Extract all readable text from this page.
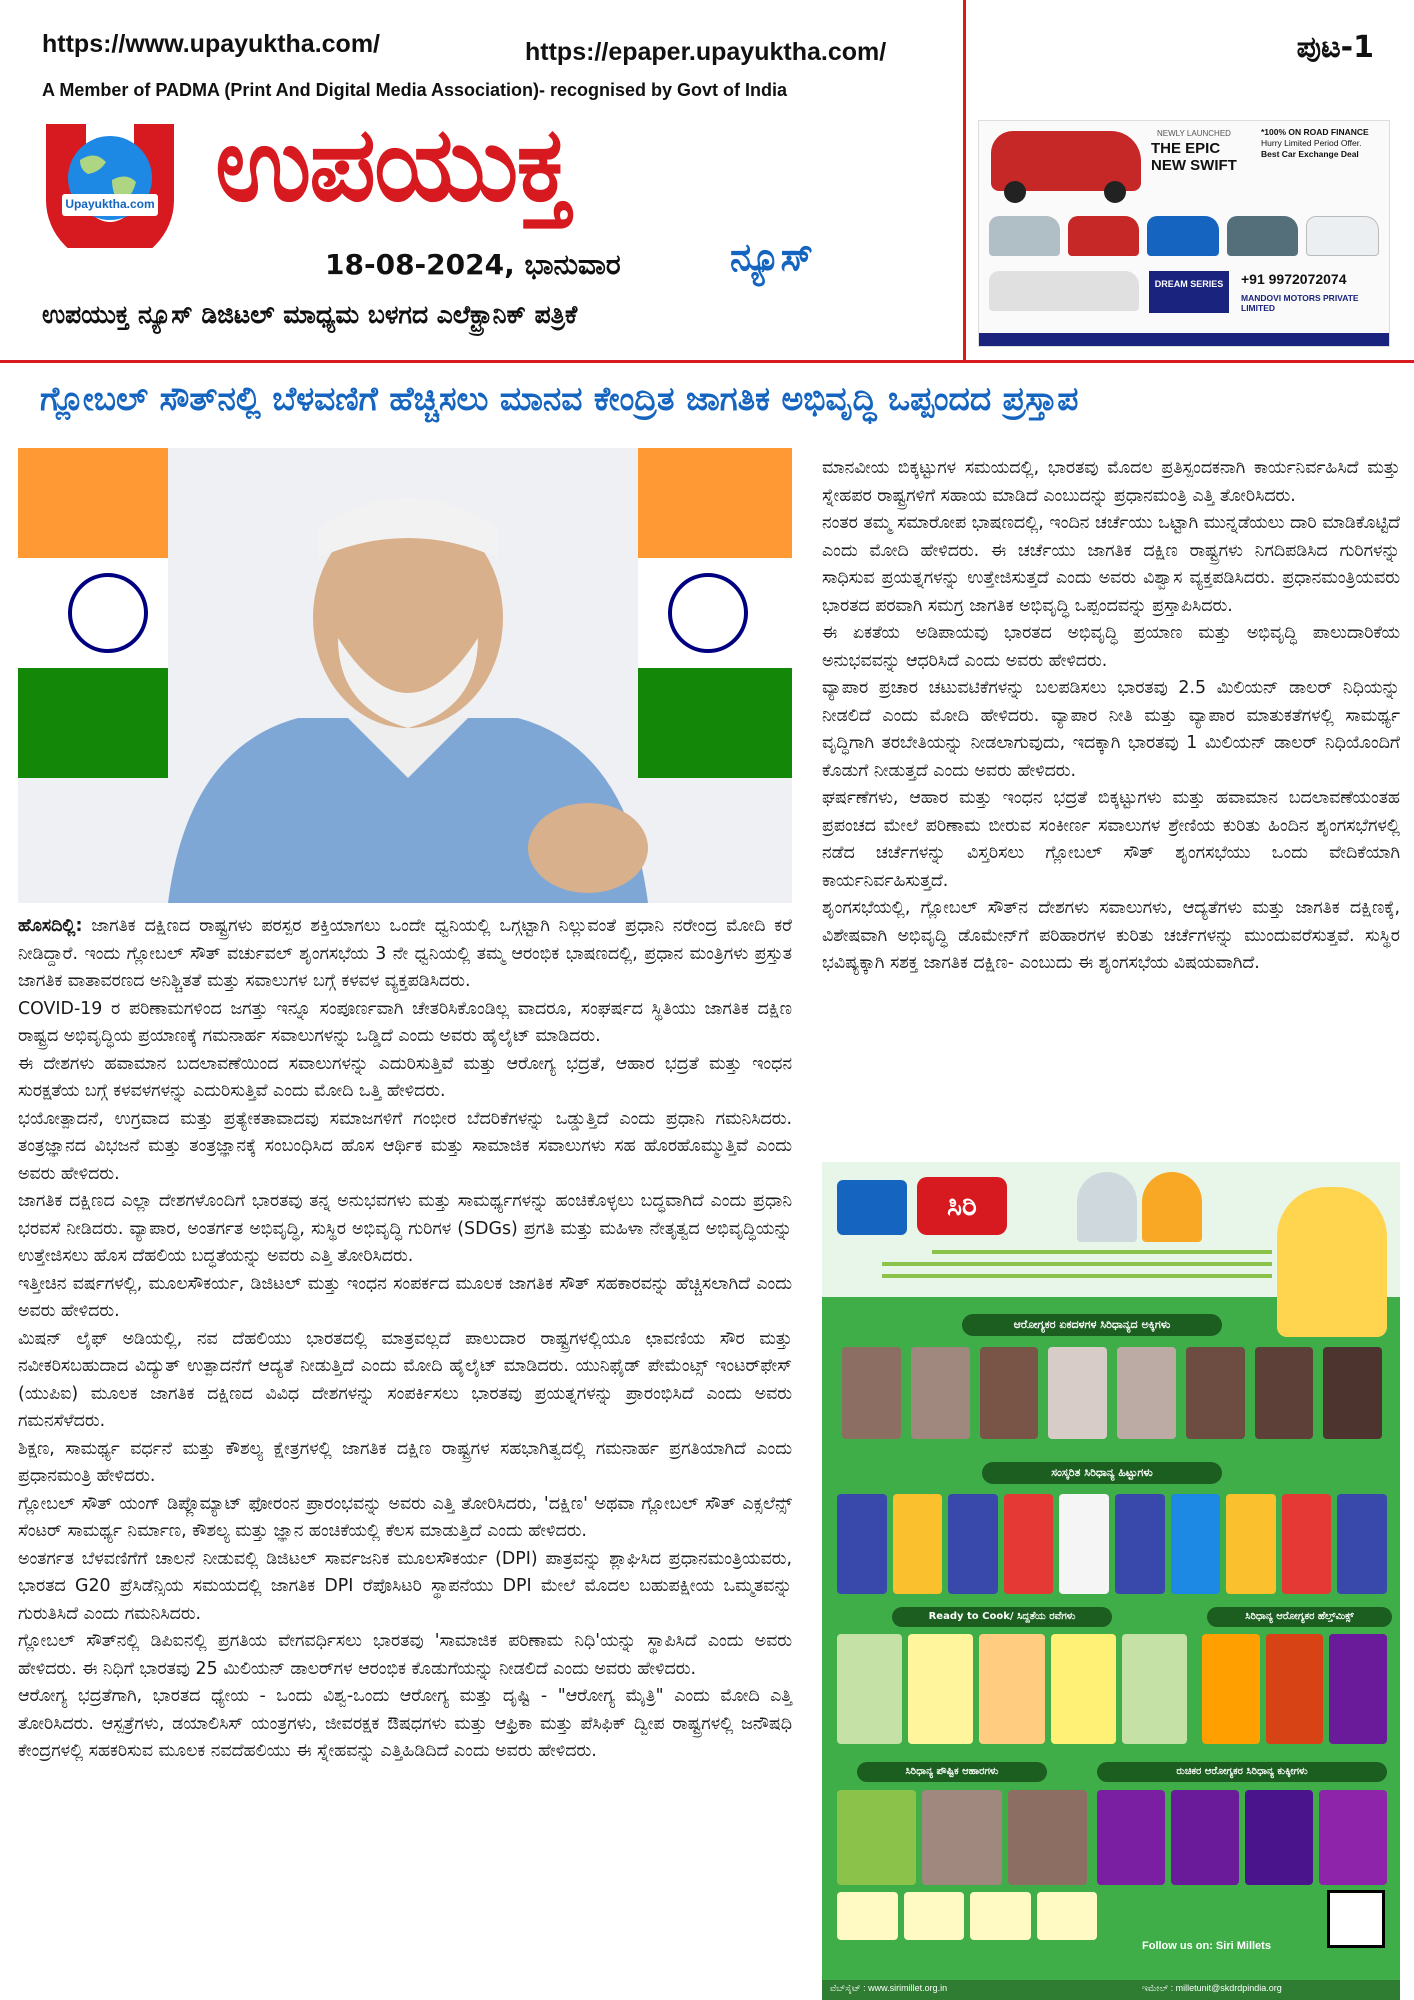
https://www.upayuktha.com/	https://epaper.upayuktha.com/	ಪುಟ-1
A Member of PADMA (Print And Digital Media Association)- recognised by Govt of India
Upayuktha.com ಉಪಯುಕ್ತ
ನ್ಯೂಸ್
18-08-2024, ಭಾನುವಾರ
ಉಪಯುಕ್ತ ನ್ಯೂಸ್ ಡಿಜಿಟಲ್ ಮಾಧ್ಯಮ ಬಳಗದ ಎಲೆಕ್ಟ್ರಾನಿಕ್ ಪತ್ರಿಕೆ
NEWLY LAUNCHED
THE EPIC NEW SWIFT
*100% ON ROAD FINANCE
Hurry Limited Period Offer.
Best Car Exchange Deal
DREAM SERIES	+91 9972072074
MANDOVI MOTORS PRIVATE LIMITED
ಗ್ಲೋಬಲ್ ಸೌತ್‌ನಲ್ಲಿ ಬೆಳವಣಿಗೆ ಹೆಚ್ಚಿಸಲು ಮಾನವ ಕೇಂದ್ರಿತ ಜಾಗತಿಕ ಅಭಿವೃದ್ಧಿ ಒಪ್ಪಂದದ ಪ್ರಸ್ತಾಪ

ಹೊಸದಿಲ್ಲಿ: ಜಾಗತಿಕ ದಕ್ಷಿಣದ ರಾಷ್ಟ್ರಗಳು ಪರಸ್ಪರ ಶಕ್ತಿಯಾಗಲು ಒಂದೇ ಧ್ವನಿಯಲ್ಲಿ ಒಗ್ಗಟ್ಟಾಗಿ ನಿಲ್ಲುವಂತೆ ಪ್ರಧಾನಿ ನರೇಂದ್ರ ಮೋದಿ ಕರೆ ನೀಡಿದ್ದಾರೆ. ಇಂದು ಗ್ಲೋಬಲ್ ಸೌತ್ ವರ್ಚುವಲ್ ಶೃಂಗಸಭೆಯ 3 ನೇ ಧ್ವನಿಯಲ್ಲಿ ತಮ್ಮ ಆರಂಭಿಕ ಭಾಷಣದಲ್ಲಿ, ಪ್ರಧಾನ ಮಂತ್ರಿಗಳು ಪ್ರಸ್ತುತ ಜಾಗತಿಕ ವಾತಾವರಣದ ಅನಿಶ್ಚಿತತೆ ಮತ್ತು ಸವಾಲುಗಳ ಬಗ್ಗೆ ಕಳವಳ ವ್ಯಕ್ತಪಡಿಸಿದರು.

COVID-19 ರ ಪರಿಣಾಮಗಳಿಂದ ಜಗತ್ತು ಇನ್ನೂ ಸಂಪೂರ್ಣವಾಗಿ ಚೇತರಿಸಿಕೊಂಡಿಲ್ಲ ವಾದರೂ, ಸಂಘರ್ಷದ ಸ್ಥಿತಿಯು ಜಾಗತಿಕ ದಕ್ಷಿಣ ರಾಷ್ಟ್ರದ ಅಭಿವೃದ್ಧಿಯ ಪ್ರಯಾಣಕ್ಕೆ ಗಮನಾರ್ಹ ಸವಾಲುಗಳನ್ನು ಒಡ್ಡಿದೆ ಎಂದು ಅವರು ಹೈಲೈಟ್ ಮಾಡಿದರು.

ಈ ದೇಶಗಳು ಹವಾಮಾನ ಬದಲಾವಣೆಯಿಂದ ಸವಾಲುಗಳನ್ನು ಎದುರಿಸುತ್ತಿವೆ ಮತ್ತು ಆರೋಗ್ಯ ಭದ್ರತೆ, ಆಹಾರ ಭದ್ರತೆ ಮತ್ತು ಇಂಧನ ಸುರಕ್ಷತೆಯ ಬಗ್ಗೆ ಕಳವಳಗಳನ್ನು ಎದುರಿಸುತ್ತಿವೆ ಎಂದು ಮೋದಿ ಒತ್ತಿ ಹೇಳಿದರು.

ಭಯೋತ್ಪಾದನೆ, ಉಗ್ರವಾದ ಮತ್ತು ಪ್ರತ್ಯೇಕತಾವಾದವು ಸಮಾಜಗಳಿಗೆ ಗಂಭೀರ ಬೆದರಿಕೆಗಳನ್ನು ಒಡ್ಡುತ್ತಿದೆ ಎಂದು ಪ್ರಧಾನಿ ಗಮನಿಸಿದರು. ತಂತ್ರಜ್ಞಾನದ ವಿಭಜನೆ ಮತ್ತು ತಂತ್ರಜ್ಞಾನಕ್ಕೆ ಸಂಬಂಧಿಸಿದ ಹೊಸ ಆರ್ಥಿಕ ಮತ್ತು ಸಾಮಾಜಿಕ ಸವಾಲುಗಳು ಸಹ ಹೊರಹೊಮ್ಮುತ್ತಿವೆ ಎಂದು ಅವರು ಹೇಳಿದರು.

ಜಾಗತಿಕ ದಕ್ಷಿಣದ ಎಲ್ಲಾ ದೇಶಗಳೊಂದಿಗೆ ಭಾರತವು ತನ್ನ ಅನುಭವಗಳು ಮತ್ತು ಸಾಮರ್ಥ್ಯಗಳನ್ನು ಹಂಚಿಕೊಳ್ಳಲು ಬದ್ಧವಾಗಿದೆ ಎಂದು ಪ್ರಧಾನಿ ಭರವಸೆ ನೀಡಿದರು. ವ್ಯಾಪಾರ, ಅಂತರ್ಗತ ಅಭಿವೃದ್ಧಿ, ಸುಸ್ಥಿರ ಅಭಿವೃದ್ಧಿ ಗುರಿಗಳ (SDGs) ಪ್ರಗತಿ ಮತ್ತು ಮಹಿಳಾ ನೇತೃತ್ವದ ಅಭಿವೃದ್ಧಿಯನ್ನು ಉತ್ತೇಜಿಸಲು ಹೊಸ ದೆಹಲಿಯ ಬದ್ಧತೆಯನ್ನು ಅವರು ಎತ್ತಿ ತೋರಿಸಿದರು.

ಇತ್ತೀಚಿನ ವರ್ಷಗಳಲ್ಲಿ, ಮೂಲಸೌಕರ್ಯ, ಡಿಜಿಟಲ್ ಮತ್ತು ಇಂಧನ ಸಂಪರ್ಕದ ಮೂಲಕ ಜಾಗತಿಕ ಸೌತ್ ಸಹಕಾರವನ್ನು ಹೆಚ್ಚಿಸಲಾಗಿದೆ ಎಂದು ಅವರು ಹೇಳಿದರು.

ಮಿಷನ್ ಲೈಫ್ ಅಡಿಯಲ್ಲಿ, ನವ ದೆಹಲಿಯು ಭಾರತದಲ್ಲಿ ಮಾತ್ರವಲ್ಲದೆ ಪಾಲುದಾರ ರಾಷ್ಟ್ರಗಳಲ್ಲಿಯೂ ಛಾವಣಿಯ ಸೌರ ಮತ್ತು ನವೀಕರಿಸಬಹುದಾದ ವಿದ್ಯುತ್ ಉತ್ಪಾದನೆಗೆ ಆದ್ಯತೆ ನೀಡುತ್ತಿದೆ ಎಂದು ಮೋದಿ ಹೈಲೈಟ್ ಮಾಡಿದರು. ಯುನಿಫೈಡ್ ಪೇಮೆಂಟ್ಸ್ ಇಂಟರ್‌ಫೇಸ್ (ಯುಪಿಐ) ಮೂಲಕ ಜಾಗತಿಕ ದಕ್ಷಿಣದ ವಿವಿಧ ದೇಶಗಳನ್ನು ಸಂಪರ್ಕಿಸಲು ಭಾರತವು ಪ್ರಯತ್ನಗಳನ್ನು ಪ್ರಾರಂಭಿಸಿದೆ ಎಂದು ಅವರು ಗಮನಸೆಳೆದರು.

ಶಿಕ್ಷಣ, ಸಾಮರ್ಥ್ಯ ವರ್ಧನೆ ಮತ್ತು ಕೌಶಲ್ಯ ಕ್ಷೇತ್ರಗಳಲ್ಲಿ ಜಾಗತಿಕ ದಕ್ಷಿಣ ರಾಷ್ಟ್ರಗಳ ಸಹಭಾಗಿತ್ವದಲ್ಲಿ ಗಮನಾರ್ಹ ಪ್ರಗತಿಯಾಗಿದೆ ಎಂದು ಪ್ರಧಾನಮಂತ್ರಿ ಹೇಳಿದರು.

ಗ್ಲೋಬಲ್ ಸೌತ್ ಯಂಗ್ ಡಿಪ್ಲೊಮ್ಯಾಟ್ ಫೋರಂನ ಪ್ರಾರಂಭವನ್ನು ಅವರು ಎತ್ತಿ ತೋರಿಸಿದರು, 'ದಕ್ಷಿಣ' ಅಥವಾ ಗ್ಲೋಬಲ್ ಸೌತ್ ಎಕ್ಸಲೆನ್ಸ್ ಸೆಂಟರ್ ಸಾಮರ್ಥ್ಯ ನಿರ್ಮಾಣ, ಕೌಶಲ್ಯ ಮತ್ತು ಜ್ಞಾನ ಹಂಚಿಕೆಯಲ್ಲಿ ಕೆಲಸ ಮಾಡುತ್ತಿದೆ ಎಂದು ಹೇಳಿದರು.

ಅಂತರ್ಗತ ಬೆಳವಣಿಗೆಗೆ ಚಾಲನೆ ನೀಡುವಲ್ಲಿ ಡಿಜಿಟಲ್ ಸಾರ್ವಜನಿಕ ಮೂಲಸೌಕರ್ಯ (DPI) ಪಾತ್ರವನ್ನು ಶ್ಲಾಘಿಸಿದ ಪ್ರಧಾನಮಂತ್ರಿಯವರು, ಭಾರತದ G20 ಪ್ರೆಸಿಡೆನ್ಸಿಯ ಸಮಯದಲ್ಲಿ ಜಾಗತಿಕ DPI ರೆಪೊಸಿಟರಿ ಸ್ಥಾಪನೆಯು DPI ಮೇಲೆ ಮೊದಲ ಬಹುಪಕ್ಷೀಯ ಒಮ್ಮತವನ್ನು ಗುರುತಿಸಿದೆ ಎಂದು ಗಮನಿಸಿದರು.

ಗ್ಲೋಬಲ್ ಸೌತ್‌ನಲ್ಲಿ ಡಿಪಿಐನಲ್ಲಿ ಪ್ರಗತಿಯ ವೇಗವರ್ಧಿಸಲು ಭಾರತವು 'ಸಾಮಾಜಿಕ ಪರಿಣಾಮ ನಿಧಿ'ಯನ್ನು ಸ್ಥಾಪಿಸಿದೆ ಎಂದು ಅವರು ಹೇಳಿದರು. ಈ ನಿಧಿಗೆ ಭಾರತವು 25 ಮಿಲಿಯನ್ ಡಾಲರ್‌ಗಳ ಆರಂಭಿಕ ಕೊಡುಗೆಯನ್ನು ನೀಡಲಿದೆ ಎಂದು ಅವರು ಹೇಳಿದರು.

ಆರೋಗ್ಯ ಭದ್ರತೆಗಾಗಿ, ಭಾರತದ ಧ್ಯೇಯ - ಒಂದು ವಿಶ್ವ-ಒಂದು ಆರೋಗ್ಯ ಮತ್ತು ದೃಷ್ಟಿ - "ಆರೋಗ್ಯ ಮೈತ್ರಿ" ಎಂದು ಮೋದಿ ಎತ್ತಿ ತೋರಿಸಿದರು. ಆಸ್ಪತ್ರೆಗಳು, ಡಯಾಲಿಸಿಸ್ ಯಂತ್ರಗಳು, ಜೀವರಕ್ಷಕ ಔಷಧಗಳು ಮತ್ತು ಆಫ್ರಿಕಾ ಮತ್ತು ಪೆಸಿಫಿಕ್ ದ್ವೀಪ ರಾಷ್ಟ್ರಗಳಲ್ಲಿ ಜನೌಷಧಿ ಕೇಂದ್ರಗಳಲ್ಲಿ ಸಹಕರಿಸುವ ಮೂಲಕ ನವದೆಹಲಿಯು ಈ ಸ್ನೇಹವನ್ನು ಎತ್ತಿಹಿಡಿದಿದೆ ಎಂದು ಅವರು ಹೇಳಿದರು.

ಮಾನವೀಯ ಬಿಕ್ಕಟ್ಟುಗಳ ಸಮಯದಲ್ಲಿ, ಭಾರತವು ಮೊದಲ ಪ್ರತಿಸ್ಪಂದಕನಾಗಿ ಕಾರ್ಯನಿರ್ವಹಿಸಿದೆ ಮತ್ತು ಸ್ನೇಹಪರ ರಾಷ್ಟ್ರಗಳಿಗೆ ಸಹಾಯ ಮಾಡಿದೆ ಎಂಬುದನ್ನು ಪ್ರಧಾನಮಂತ್ರಿ ಎತ್ತಿ ತೋರಿಸಿದರು.

ನಂತರ ತಮ್ಮ ಸಮಾರೋಪ ಭಾಷಣದಲ್ಲಿ, ಇಂದಿನ ಚರ್ಚೆಯು ಒಟ್ಟಾಗಿ ಮುನ್ನಡೆಯಲು ದಾರಿ ಮಾಡಿಕೊಟ್ಟಿದೆ ಎಂದು ಮೋದಿ ಹೇಳಿದರು. ಈ ಚರ್ಚೆಯು ಜಾಗತಿಕ ದಕ್ಷಿಣ ರಾಷ್ಟ್ರಗಳು ನಿಗದಿಪಡಿಸಿದ ಗುರಿಗಳನ್ನು ಸಾಧಿಸುವ ಪ್ರಯತ್ನಗಳನ್ನು ಉತ್ತೇಜಿಸುತ್ತದೆ ಎಂದು ಅವರು ವಿಶ್ವಾಸ ವ್ಯಕ್ತಪಡಿಸಿದರು. ಪ್ರಧಾನಮಂತ್ರಿಯವರು ಭಾರತದ ಪರವಾಗಿ ಸಮಗ್ರ ಜಾಗತಿಕ ಅಭಿವೃದ್ಧಿ ಒಪ್ಪಂದವನ್ನು ಪ್ರಸ್ತಾಪಿಸಿದರು.

ಈ ಏಕತೆಯ ಅಡಿಪಾಯವು ಭಾರತದ ಅಭಿವೃದ್ಧಿ ಪ್ರಯಾಣ ಮತ್ತು ಅಭಿವೃದ್ಧಿ ಪಾಲುದಾರಿಕೆಯ ಅನುಭವವನ್ನು ಆಧರಿಸಿದೆ ಎಂದು ಅವರು ಹೇಳಿದರು.

ವ್ಯಾಪಾರ ಪ್ರಚಾರ ಚಟುವಟಿಕೆಗಳನ್ನು ಬಲಪಡಿಸಲು ಭಾರತವು 2.5 ಮಿಲಿಯನ್ ಡಾಲರ್ ನಿಧಿಯನ್ನು ನೀಡಲಿದೆ ಎಂದು ಮೋದಿ ಹೇಳಿದರು. ವ್ಯಾಪಾರ ನೀತಿ ಮತ್ತು ವ್ಯಾಪಾರ ಮಾತುಕತೆಗಳಲ್ಲಿ ಸಾಮರ್ಥ್ಯ ವೃದ್ಧಿಗಾಗಿ ತರಬೇತಿಯನ್ನು ನೀಡಲಾಗುವುದು, ಇದಕ್ಕಾಗಿ ಭಾರತವು 1 ಮಿಲಿಯನ್ ಡಾಲರ್ ನಿಧಿಯೊಂದಿಗೆ ಕೊಡುಗೆ ನೀಡುತ್ತದೆ ಎಂದು ಅವರು ಹೇಳಿದರು.

ಘರ್ಷಣೆಗಳು, ಆಹಾರ ಮತ್ತು ಇಂಧನ ಭದ್ರತೆ ಬಿಕ್ಕಟ್ಟುಗಳು ಮತ್ತು ಹವಾಮಾನ ಬದಲಾವಣೆಯಂತಹ ಪ್ರಪಂಚದ ಮೇಲೆ ಪರಿಣಾಮ ಬೀರುವ ಸಂಕೀರ್ಣ ಸವಾಲುಗಳ ಶ್ರೇಣಿಯ ಕುರಿತು ಹಿಂದಿನ ಶೃಂಗಸಭೆಗಳಲ್ಲಿ ನಡೆದ ಚರ್ಚೆಗಳನ್ನು ವಿಸ್ತರಿಸಲು ಗ್ಲೋಬಲ್ ಸೌತ್ ಶೃಂಗಸಭೆಯು ಒಂದು ವೇದಿಕೆಯಾಗಿ ಕಾರ್ಯನಿರ್ವಹಿಸುತ್ತದೆ.

ಶೃಂಗಸಭೆಯಲ್ಲಿ, ಗ್ಲೋಬಲ್ ಸೌತ್‌ನ ದೇಶಗಳು ಸವಾಲುಗಳು, ಆದ್ಯತೆಗಳು ಮತ್ತು ಜಾಗತಿಕ ದಕ್ಷಿಣಕ್ಕೆ, ವಿಶೇಷವಾಗಿ ಅಭಿವೃದ್ಧಿ ಡೊಮೇನ್‌ಗೆ ಪರಿಹಾರಗಳ ಕುರಿತು ಚರ್ಚೆಗಳನ್ನು ಮುಂದುವರೆಸುತ್ತವೆ. ಸುಸ್ಥಿರ ಭವಿಷ್ಯಕ್ಕಾಗಿ ಸಶಕ್ತ ಜಾಗತಿಕ ದಕ್ಷಿಣ- ಎಂಬುದು ಈ ಶೃಂಗಸಭೆಯ ವಿಷಯವಾಗಿದೆ.

ಸಿರಿ
ಆರೋಗ್ಯಕರ ಏಕದಳಗಳ ಸಿರಿಧಾನ್ಯದ ಅಕ್ಕಿಗಳು
ಸಂಸ್ಕರಿತ ಸಿರಿಧಾನ್ಯ ಹಿಟ್ಟುಗಳು
Ready to Cook/ ಸಿದ್ದತೆಯ ರವೆಗಳು	ಸಿರಿಧಾನ್ಯ ಆರೋಗ್ಯಕರ ಹೆಲ್ತ್‌ಮಿಕ್ಸ್
ಸಿರಿಧಾನ್ಯ ಪೌಷ್ಟಿಕ ಆಹಾರಗಳು	ರುಚಿಕರ ಆರೋಗ್ಯಕರ ಸಿರಿಧಾನ್ಯ ಕುಕ್ಕೀಗಳು
Follow us on: Siri Millets
ವೆಬ್‌ಸೈಟ್ : www.sirimillet.org.in	ಇಮೇಲ್ : milletunit@skdrdpindia.org
